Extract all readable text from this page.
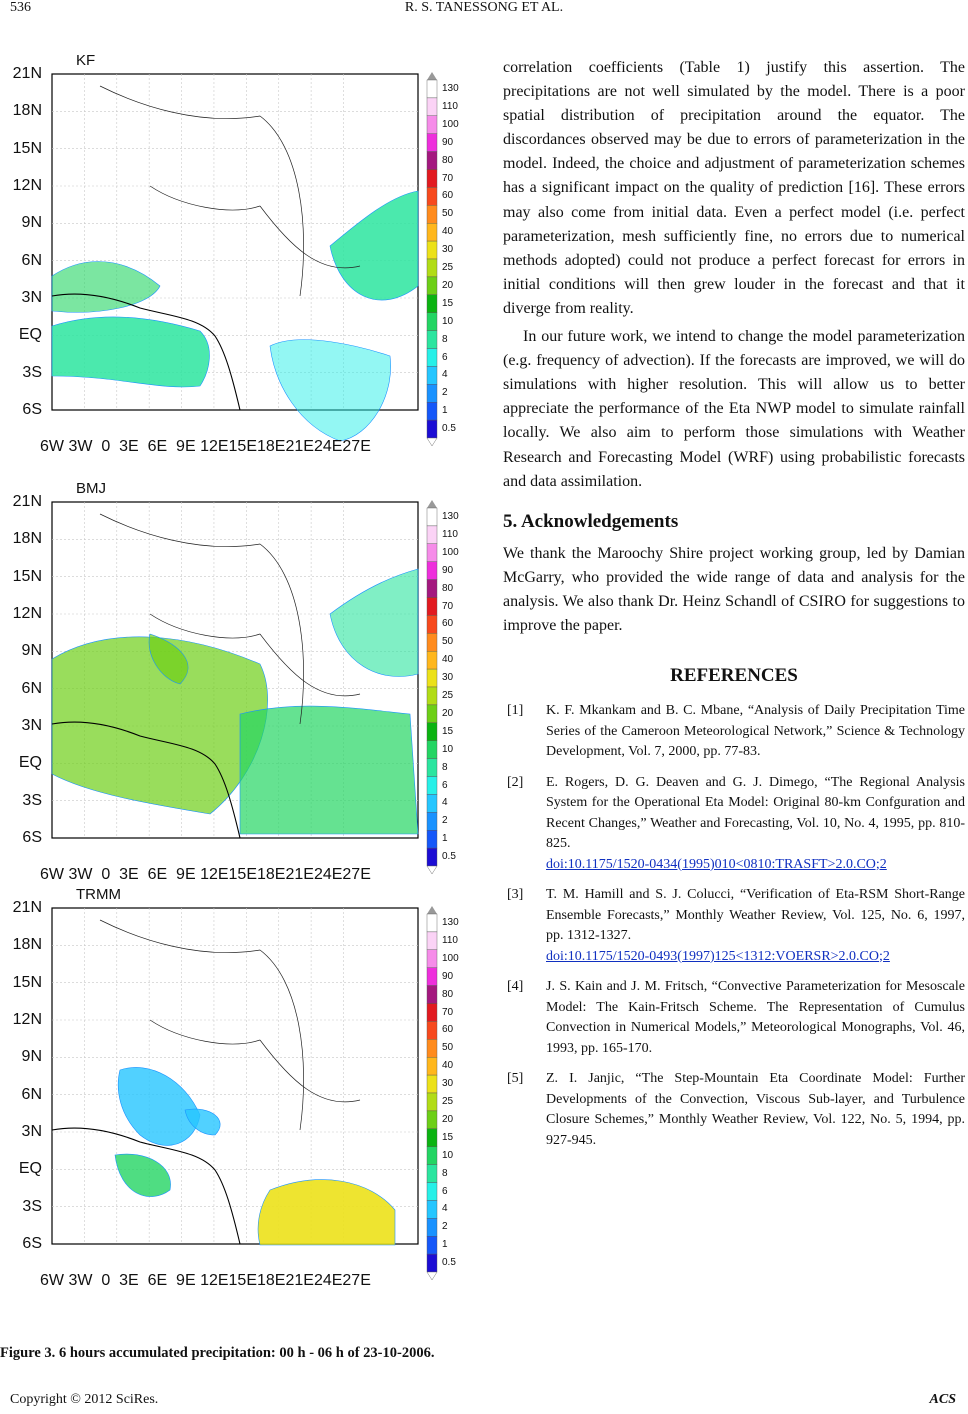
536	R. S. TANESSONG ET AL.
KF
130
110
100
90
80
70
60
50
40
30
25
20
15
10
8
6
4
2
1
0.5
21N
18N
15N
12N
9N
6N
3N
EQ
3S
6S
6W 3W  0  3E  6E  9E 12E15E18E21E24E27E
BMJ
130
110
100
90
80
70
60
50
40
30
25
20
15
10
8
6
4
2
1
0.5
21N
18N
15N
12N
9N
6N
3N
EQ
3S
6S
6W 3W  0  3E  6E  9E 12E15E18E21E24E27E
TRMM
130
110
100
90
80
70
60
50
40
30
25
20
15
10
8
6
4
2
1
0.5
21N
18N
15N
12N
9N
6N
3N
EQ
3S
6S
6W 3W  0  3E  6E  9E 12E15E18E21E24E27E
Figure 3. 6 hours accumulated precipitation: 00 h - 06 h of 23-10-2006.

correlation coefficients (Table 1) justify this assertion. The precipitations are not well simulated by the model. There is a poor spatial distribution of precipitation around the equator. The discordances observed may be due to errors of parameterization in the model. Indeed, the choice and adjustment of parameterization schemes has a significant impact on the quality of prediction [16]. These errors may also come from initial data. Even a perfect model (i.e. perfect parameterization, mesh sufficiently fine, no errors due to numerical methods adopted) could not produce a perfect forecast for errors in initial conditions will then grew louder in the forecast and that it diverge from reality.

In our future work, we intend to change the model parameterization (e.g. frequency of advection). If the forecasts are improved, we will do simulations with higher resolution. This will allow us to better appreciate the performance of the Eta NWP model to simulate rainfall locally. We also aim to perform those simulations with Weather Research and Forecasting Model (WRF) using probabilistic forecasts and data assimilation.

5. Acknowledgements

We thank the Maroochy Shire project working group, led by Damian McGarry, who provided the wide range of data and analysis for the analysis. We also thank Dr. Heinz Schandl of CSIRO for suggestions to improve the paper.

REFERENCES
[1] K. F. Mkankam and B. C. Mbane, “Analysis of Daily Precipitation Time Series of the Cameroon Meteorological Network,” Science & Technology Development, Vol. 7, 2000, pp. 77-83.
[2] E. Rogers, D. G. Deaven and G. J. Dimego, “The Regional Analysis System for the Operational Eta Model: Original 80-km Confguration and Recent Changes,” Weather and Forecasting, Vol. 10, No. 4, 1995, pp. 810-825.
doi:10.1175/1520-0434(1995)010<0810:TRASFT>2.0.CO;2
[3] T. M. Hamill and S. J. Colucci, “Verification of Eta-RSM Short-Range Ensemble Forecasts,” Monthly Weather Review, Vol. 125, No. 6, 1997, pp. 1312-1327.
doi:10.1175/1520-0493(1997)125<1312:VOERSR>2.0.CO;2
[4] J. S. Kain and J. M. Fritsch, “Convective Parameterization for Mesoscale Model: The Kain-Fritsch Scheme. The Representation of Cumulus Convection in Numerical Models,” Meteorological Monographs, Vol. 46, 1993, pp. 165-170.
[5] Z. I. Janjic, “The Step-Mountain Eta Coordinate Model: Further Developments of the Convection, Viscous Sub-layer, and Turbulence Closure Schemes,” Monthly Weather Review, Vol. 122, No. 5, 1994, pp. 927-945.
Copyright © 2012 SciRes.	ACS
